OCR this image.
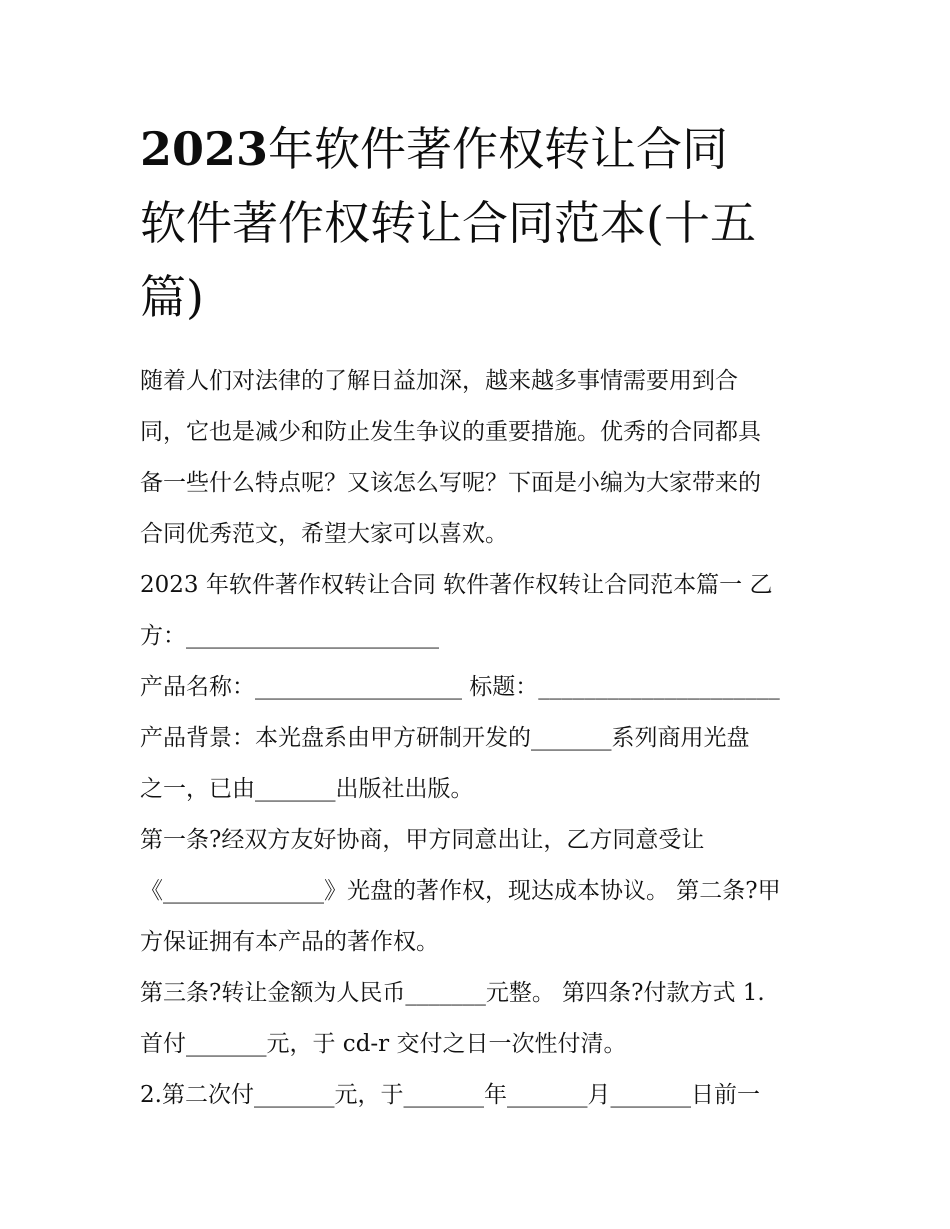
2023年软件著作权转让合同
软件著作权转让合同范本(十五
篇)
随着人们对法律的了解日益加深，越来越多事情需要用到合
同，它也是减少和防止发生争议的重要措施。优秀的合同都具
备一些什么特点呢？又该怎么写呢？下面是小编为大家带来的
合同优秀范文，希望大家可以喜欢。
2023 年软件著作权转让合同 软件著作权转让合同范本篇一 乙
方：______________________
产品名称：__________________ 标题：_____________________
产品背景：本光盘系由甲方研制开发的_______系列商用光盘
之一，已由_______出版社出版。
第一条?经双方友好协商，甲方同意出让，乙方同意受让
《______________》光盘的著作权，现达成本协议。 第二条?甲
方保证拥有本产品的著作权。
第三条?转让金额为人民币_______元整。 第四条?付款方式 1.
首付_______元，于 cd-r 交付之日一次性付清。
2.第二次付_______元，于_______年_______月_______日前一
